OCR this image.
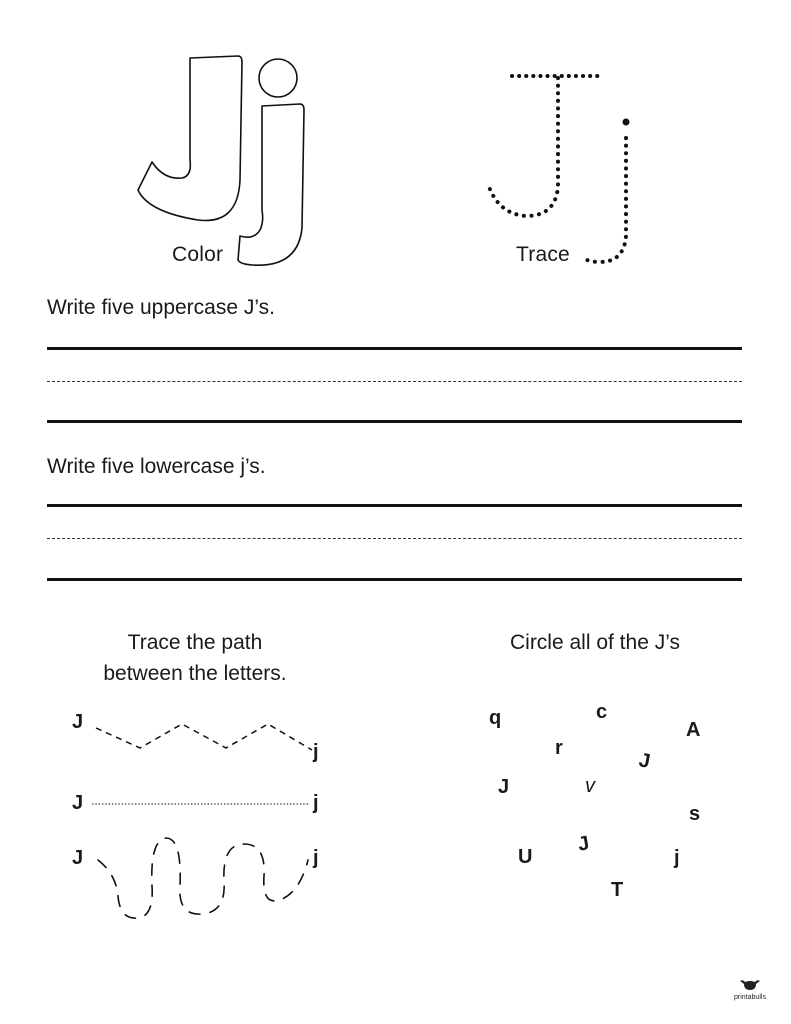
Color	Trace
Write five uppercase J’s.
Write five lowercase j’s.
Trace the path
between the letters.
J
j
J	j
J	j
Circle all of the J’s
q	c
A
r
J
J	v
s
J
U	j
T
printabulls
